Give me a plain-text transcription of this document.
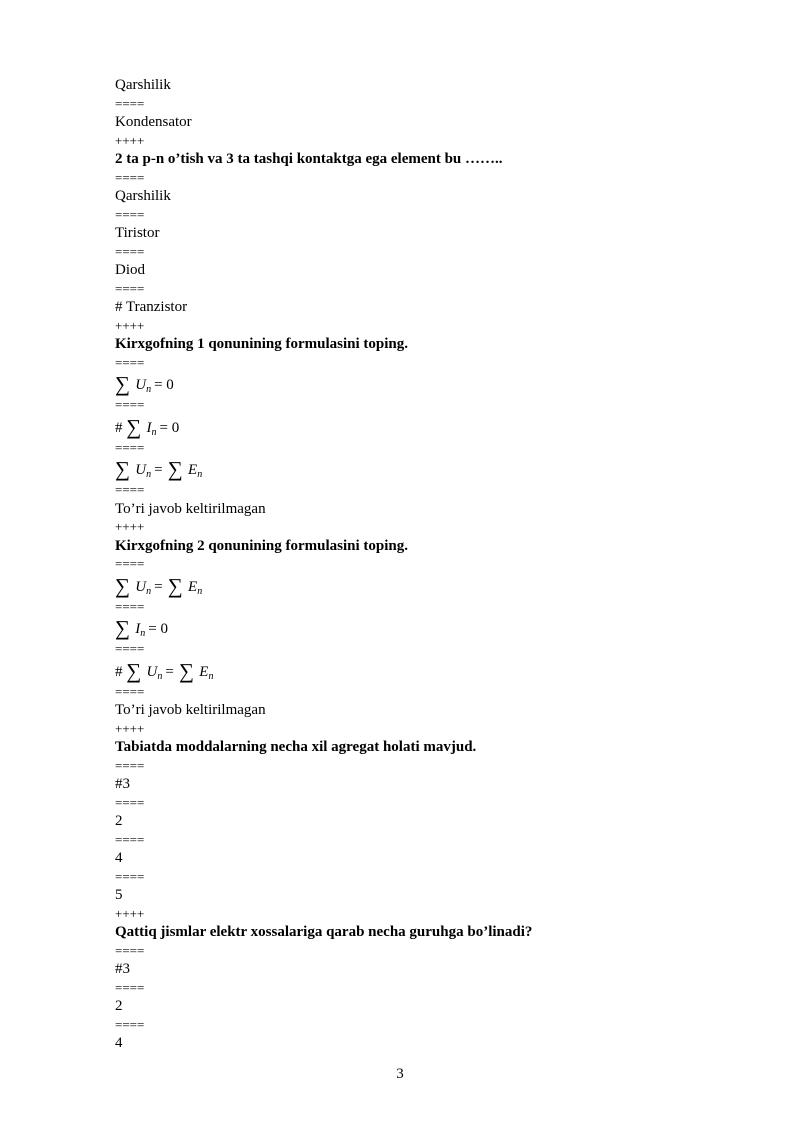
Qarshilik
====
Kondensator
++++
2 ta p-n o’tish va 3 ta tashqi kontaktga ega element bu ……..
====
Qarshilik
====
Tiristor
====
Diod
====
# Tranzistor
++++
Kirxgofning 1 qonunining formulasini toping.
====
∑ $U_n = 0$
====
# ∑ $I_n = 0$
====
∑ $U_n$ = ∑ $E_n$
====
To’ri javob keltirilmagan
++++
Kirxgofning 2 qonunining formulasini toping.
====
∑ $U_n$ = ∑ $E_n$
====
∑ $I_n = 0$
====
# ∑ $U_n$ = ∑ $E_n$
====
To’ri javob keltirilmagan
++++
Tabiatda moddalarning necha xil agregat holati mavjud.
====
#3
====
2
====
4
====
5
++++
Qattiq jismlar elektr xossalariga qarab necha guruhga bo’linadi?
====
#3
====
2
====
4
3
